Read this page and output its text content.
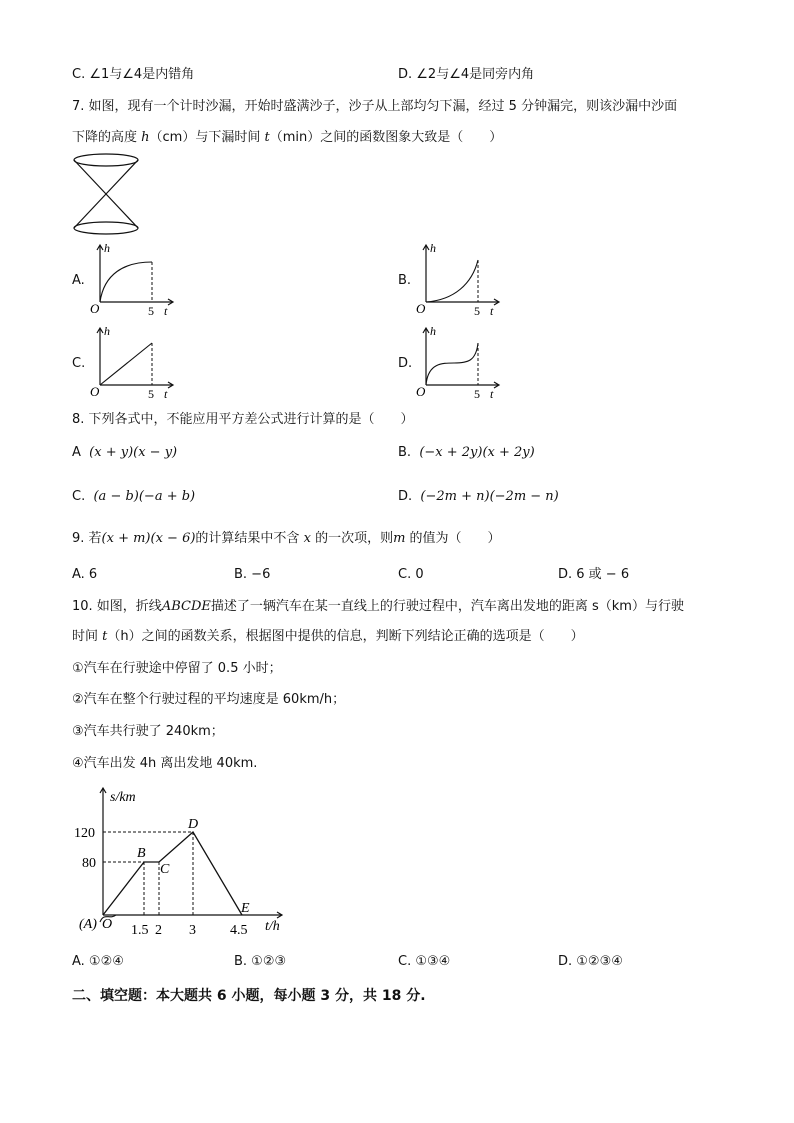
C. ∠1与∠4是内错角	D. ∠2与∠4是同旁内角
7. 如图，现有一个计时沙漏，开始时盛满沙子，沙子从上部均匀下漏，经过 5 分钟漏完，则该沙漏中沙面
下降的高度 h（cm）与下漏时间 t（min）之间的函数图象大致是（　　）
A.	B.
C.	D.
h
O	5 t
h
O	5 t
h
O	5 t
h
O	5 t
8. 下列各式中，不能应用平方差公式进行计算的是（　　）
A (x + y)(x − y)	B. (−x + 2y)(x + 2y)
C. (a − b)(−a + b)	D. (−2m + n)(−2m − n)
9. 若(x + m)(x − 6)的计算结果中不含 x 的一次项，则m 的值为（　　）
A. 6	B. −6	C. 0	D. 6 或 − 6
10. 如图，折线ABCDE描述了一辆汽车在某一直线上的行驶过程中，汽车离出发地的距离 s（km）与行驶
时间 t（h）之间的函数关系，根据图中提供的信息，判断下列结论正确的选项是（　　）
①汽车在行驶途中停留了 0.5 小时；
②汽车在整个行驶过程的平均速度是 60km/h；
③汽车共行驶了 240km；
④汽车出发 4h 离出发地 40km.
s/km
t/h
120
80
1.5 2 3 4.5
(A) O
B
C
D
E
A. ①②④	B. ①②③	C. ①③④	D. ①②③④
二、填空题：本大题共 6 小题，每小题 3 分，共 18 分.
